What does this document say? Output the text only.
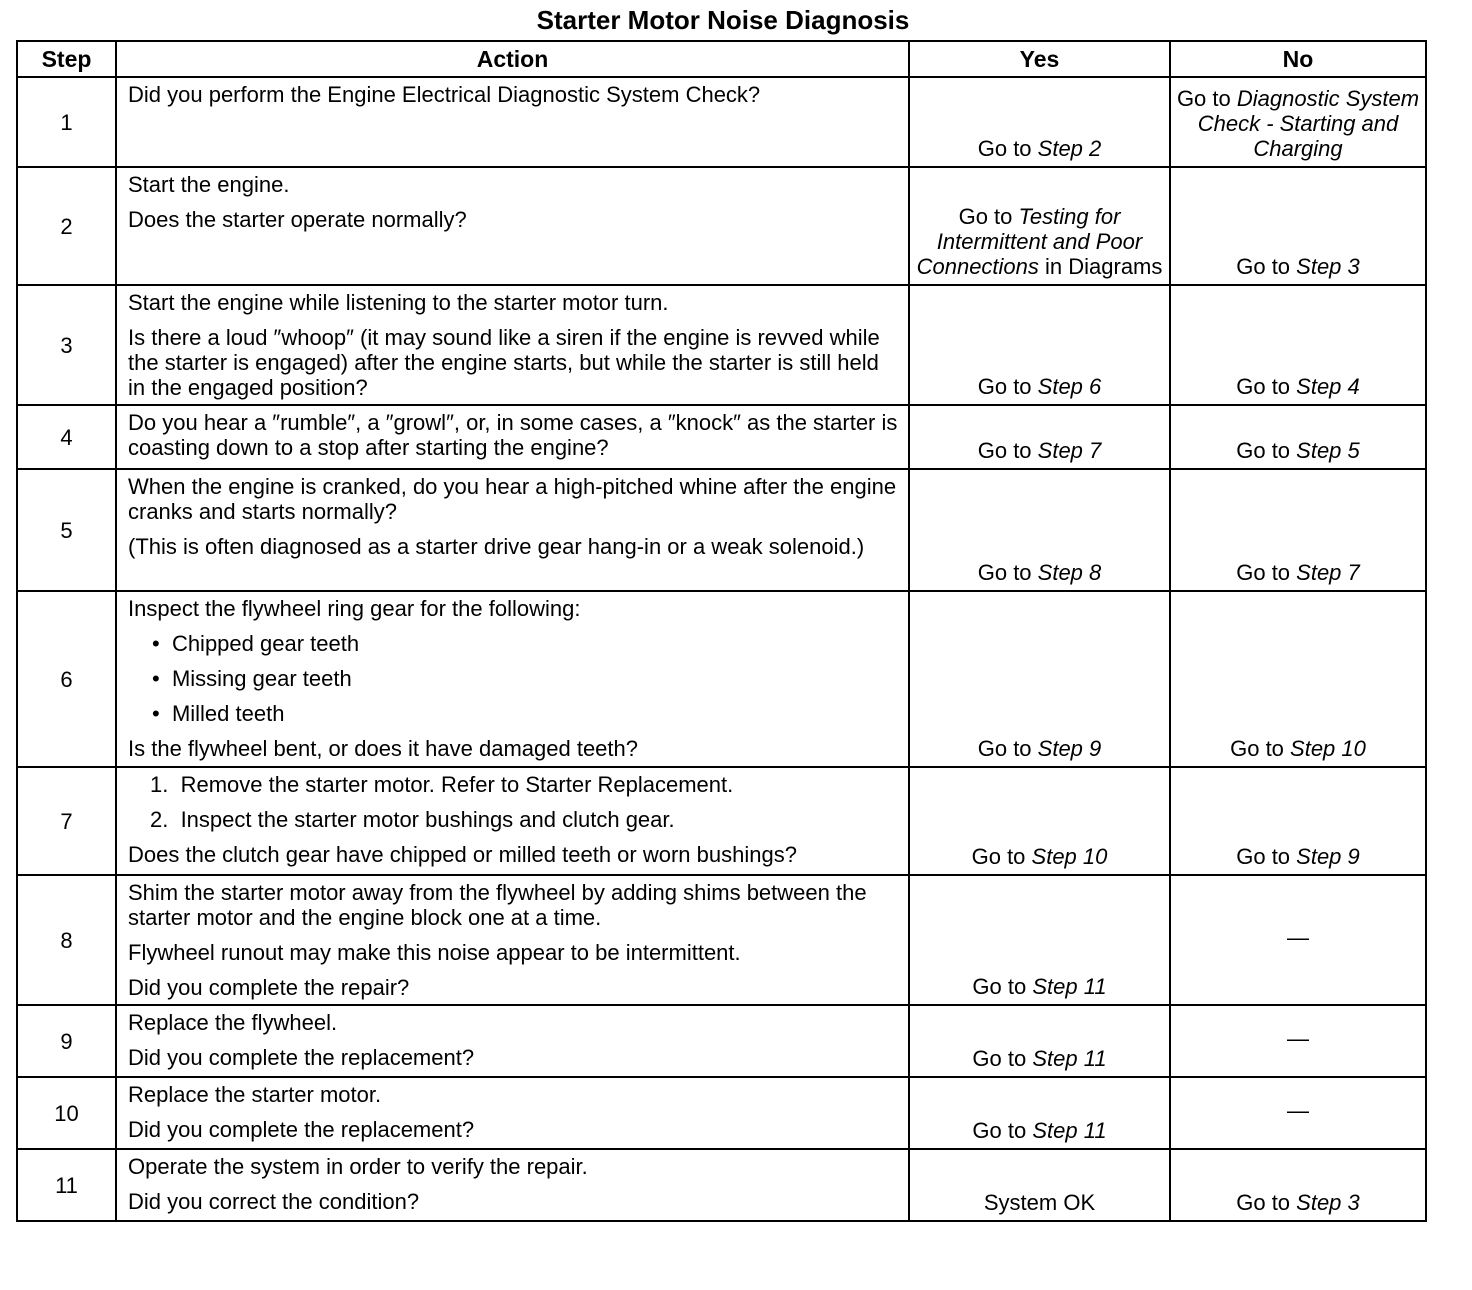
Starter Motor Noise Diagnosis
Step	Action	Yes	No
1	Did you perform the Engine Electrical Diagnostic System Check?	Go to Step 2	Go to Diagnostic System Check - Starting and Charging
2	Start the engine.
Does the starter operate normally?	Go to Testing for Intermittent and Poor Connections in Diagrams	Go to Step 3
3	Start the engine while listening to the starter motor turn.
Is there a loud ″whoop″ (it may sound like a siren if the engine is revved while the starter is engaged) after the engine starts, but while the starter is still held in the engaged position?	Go to Step 6	Go to Step 4
4	Do you hear a ″rumble″, a ″growl″, or, in some cases, a ″knock″ as the starter is coasting down to a stop after starting the engine?	Go to Step 7	Go to Step 5
5	When the engine is cranked, do you hear a high-pitched whine after the engine cranks and starts normally?
(This is often diagnosed as a starter drive gear hang-in or a weak solenoid.)	Go to Step 8	Go to Step 7
6	Inspect the flywheel ring gear for the following:
•  Chipped gear teeth
•  Missing gear teeth
•  Milled teeth
Is the flywheel bent, or does it have damaged teeth?	Go to Step 9	Go to Step 10
7	1.  Remove the starter motor. Refer to Starter Replacement.
2.  Inspect the starter motor bushings and clutch gear.
Does the clutch gear have chipped or milled teeth or worn bushings?	Go to Step 10	Go to Step 9
8	Shim the starter motor away from the flywheel by adding shims between the starter motor and the engine block one at a time.
Flywheel runout may make this noise appear to be intermittent.
Did you complete the repair?	Go to Step 11	—
9	Replace the flywheel.
Did you complete the replacement?	Go to Step 11	—
10	Replace the starter motor.
Did you complete the replacement?	Go to Step 11	—
11	Operate the system in order to verify the repair.
Did you correct the condition?	System OK	Go to Step 3
